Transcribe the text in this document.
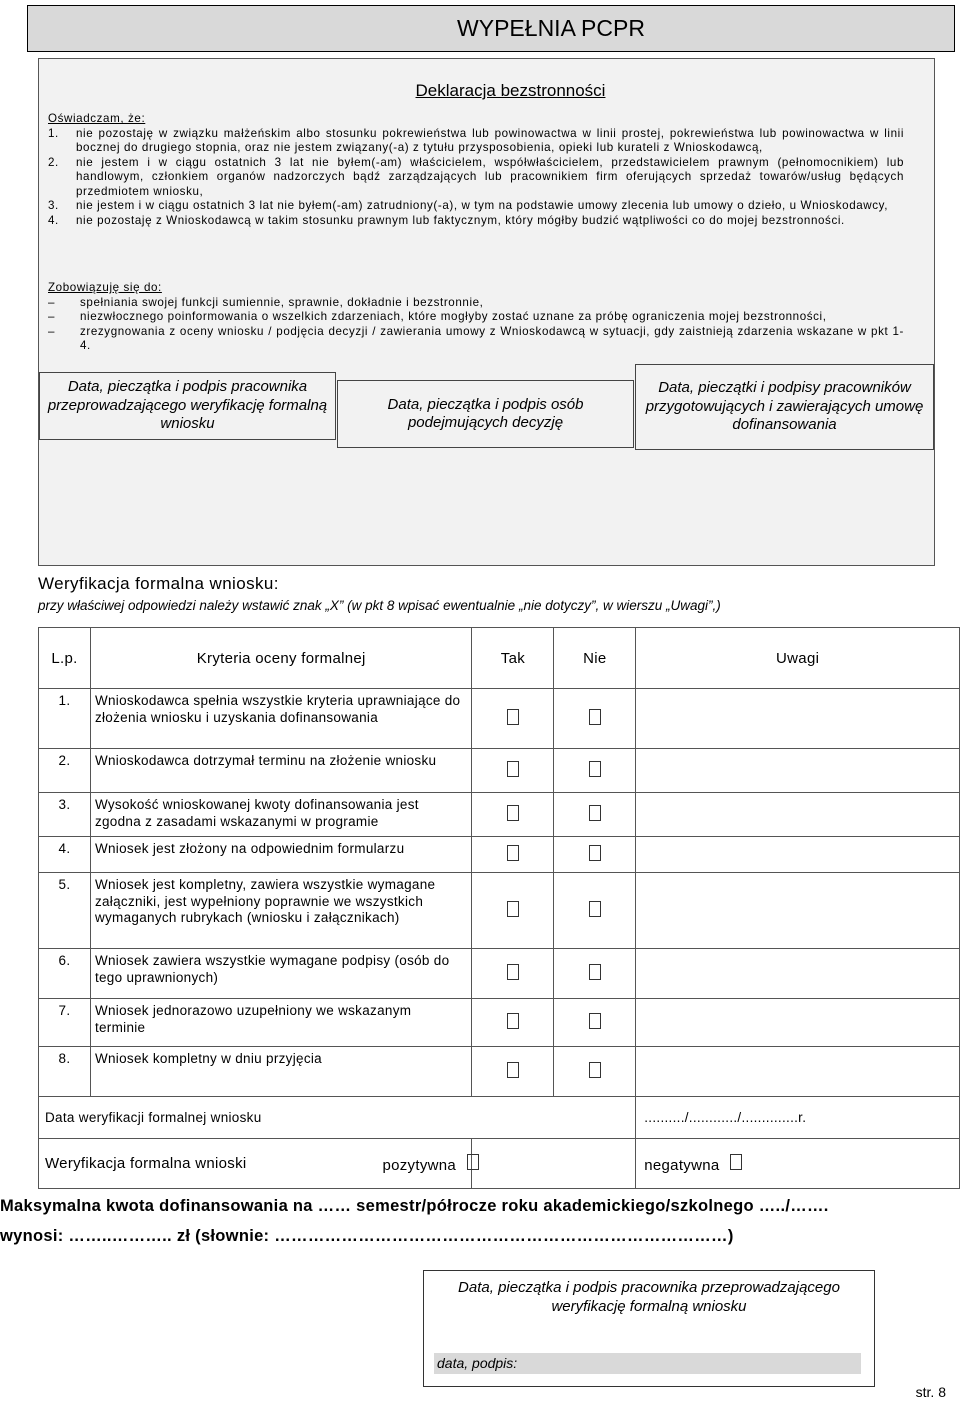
WYPEŁNIA PCPR
Deklaracja bezstronności
Oświadczam, że:
1.	nie pozostaję w związku małżeńskim albo stosunku pokrewieństwa lub powinowactwa w linii prostej, pokrewieństwa lub powinowactwa w linii bocznej do drugiego stopnia, oraz nie jestem związany(-a) z tytułu przysposobienia, opieki lub kurateli z Wnioskodawcą,
2.	nie jestem i w ciągu ostatnich 3 lat nie byłem(-am) właścicielem, współwłaścicielem, przedstawicielem prawnym (pełnomocnikiem) lub handlowym, członkiem organów nadzorczych bądź zarządzających lub pracownikiem firm oferujących sprzedaż towarów/usług będących przedmiotem wniosku,
3.	nie jestem i w ciągu ostatnich 3 lat nie byłem(-am) zatrudniony(-a), w tym na podstawie umowy zlecenia lub umowy o dzieło, u Wnioskodawcy,
4.	nie pozostaję z Wnioskodawcą w takim stosunku prawnym lub faktycznym, który mógłby budzić wątpliwości co do mojej bezstronności.
Zobowiązuję się do:
–	spełniania swojej funkcji sumiennie, sprawnie, dokładnie i bezstronnie,
–	niezwłocznego poinformowania o wszelkich zdarzeniach, które mogłyby zostać uznane za próbę ograniczenia mojej bezstronności,
–	zrezygnowania z oceny wniosku / podjęcia decyzji / zawierania umowy z Wnioskodawcą w sytuacji, gdy zaistnieją zdarzenia wskazane w pkt 1-4.
Data, pieczątka i podpis pracownika przeprowadzającego weryfikację formalną wniosku
Data, pieczątka i podpis osób podejmujących decyzję
Data, pieczątki i podpisy pracowników przygotowujących i zawierających umowę dofinansowania
Weryfikacja formalna wniosku:
przy właściwej odpowiedzi należy wstawić znak „X” (w pkt 8 wpisać ewentualnie „nie dotyczy”, w wierszu „Uwagi”,)
L.p.	Kryteria oceny formalnej	Tak	Nie	Uwagi
1.	Wnioskodawca spełnia wszystkie kryteria uprawniające do złożenia wniosku i uzyskania dofinansowania			
2.	Wnioskodawca dotrzymał terminu na złożenie wniosku			
3.	Wysokość wnioskowanej kwoty dofinansowania jest zgodna z zasadami wskazanymi w programie			
4.	Wniosek jest złożony na odpowiednim formularzu			
5.	Wniosek jest kompletny, zawiera wszystkie wymagane załączniki, jest wypełniony poprawnie we wszystkich wymaganych rubrykach (wniosku i załącznikach)			
6.	Wniosek zawiera wszystkie wymagane podpisy (osób do tego uprawnionych)			
7.	Wniosek jednorazowo uzupełniony we wskazanym terminie			
8.	Wniosek kompletny w dniu przyjęcia			
Data weryfikacji formalnej wniosku				........../............/..............r.
Weryfikacja formalna wnioski		pozytywna		negatywna
Maksymalna kwota dofinansowania na …… semestr/półrocze roku akademickiego/szkolnego …../…….
wynosi: ……..……….. zł (słownie: ………………………………………………………………………)
Data, pieczątka i podpis pracownika przeprowadzającego weryfikację formalną wniosku
data, podpis:
str. 8
